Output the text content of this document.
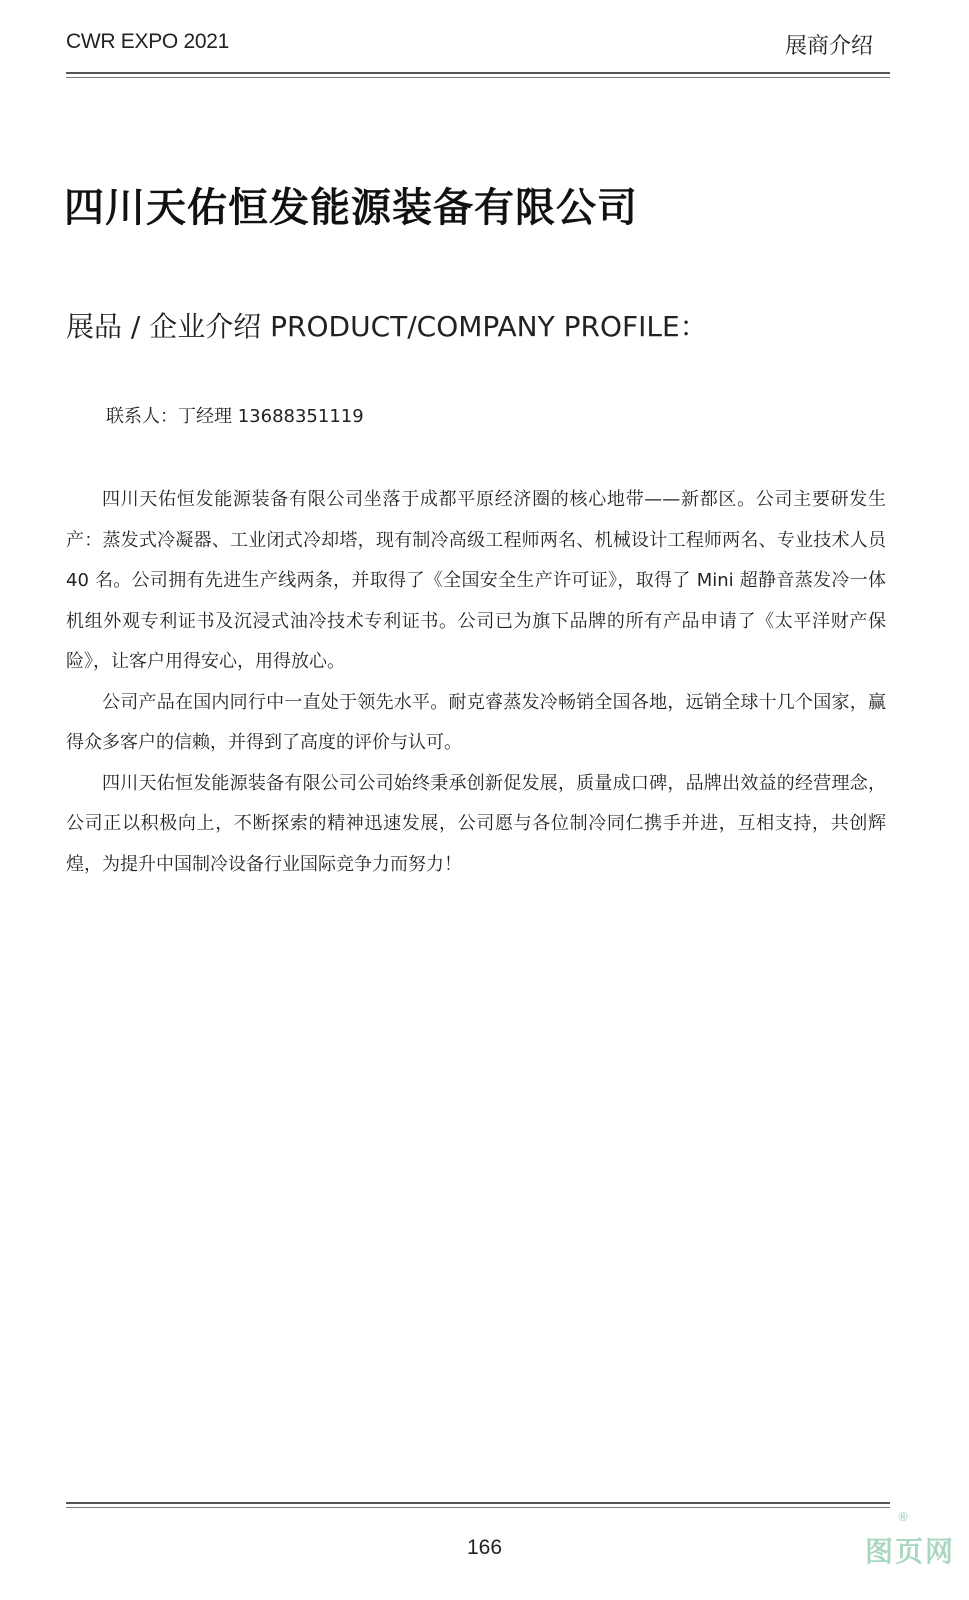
CWR EXPO 2021	展商介绍
四川天佑恒发能源装备有限公司
展品 / 企业介绍 PRODUCT/COMPANY PROFILE：
联系人：丁经理 13688351119

四川天佑恒发能源装备有限公司坐落于成都平原经济圈的核心地带——新都区。公司主要研发生产：蒸发式冷凝器、工业闭式冷却塔，现有制冷高级工程师两名、机械设计工程师两名、专业技术人员 40 名。公司拥有先进生产线两条，并取得了《全国安全生产许可证》，取得了 Mini 超静音蒸发冷一体机组外观专利证书及沉浸式油冷技术专利证书。公司已为旗下品牌的所有产品申请了《太平洋财产保险》，让客户用得安心，用得放心。

公司产品在国内同行中一直处于领先水平。耐克睿蒸发冷畅销全国各地，远销全球十几个国家，赢得众多客户的信赖，并得到了高度的评价与认可。

四川天佑恒发能源装备有限公司公司始终秉承创新促发展，质量成口碑，品牌出效益的经营理念，公司正以积极向上，不断探索的精神迅速发展，公司愿与各位制冷同仁携手并进，互相支持，共创辉煌，为提升中国制冷设备行业国际竞争力而努力！

166
®
图页网
